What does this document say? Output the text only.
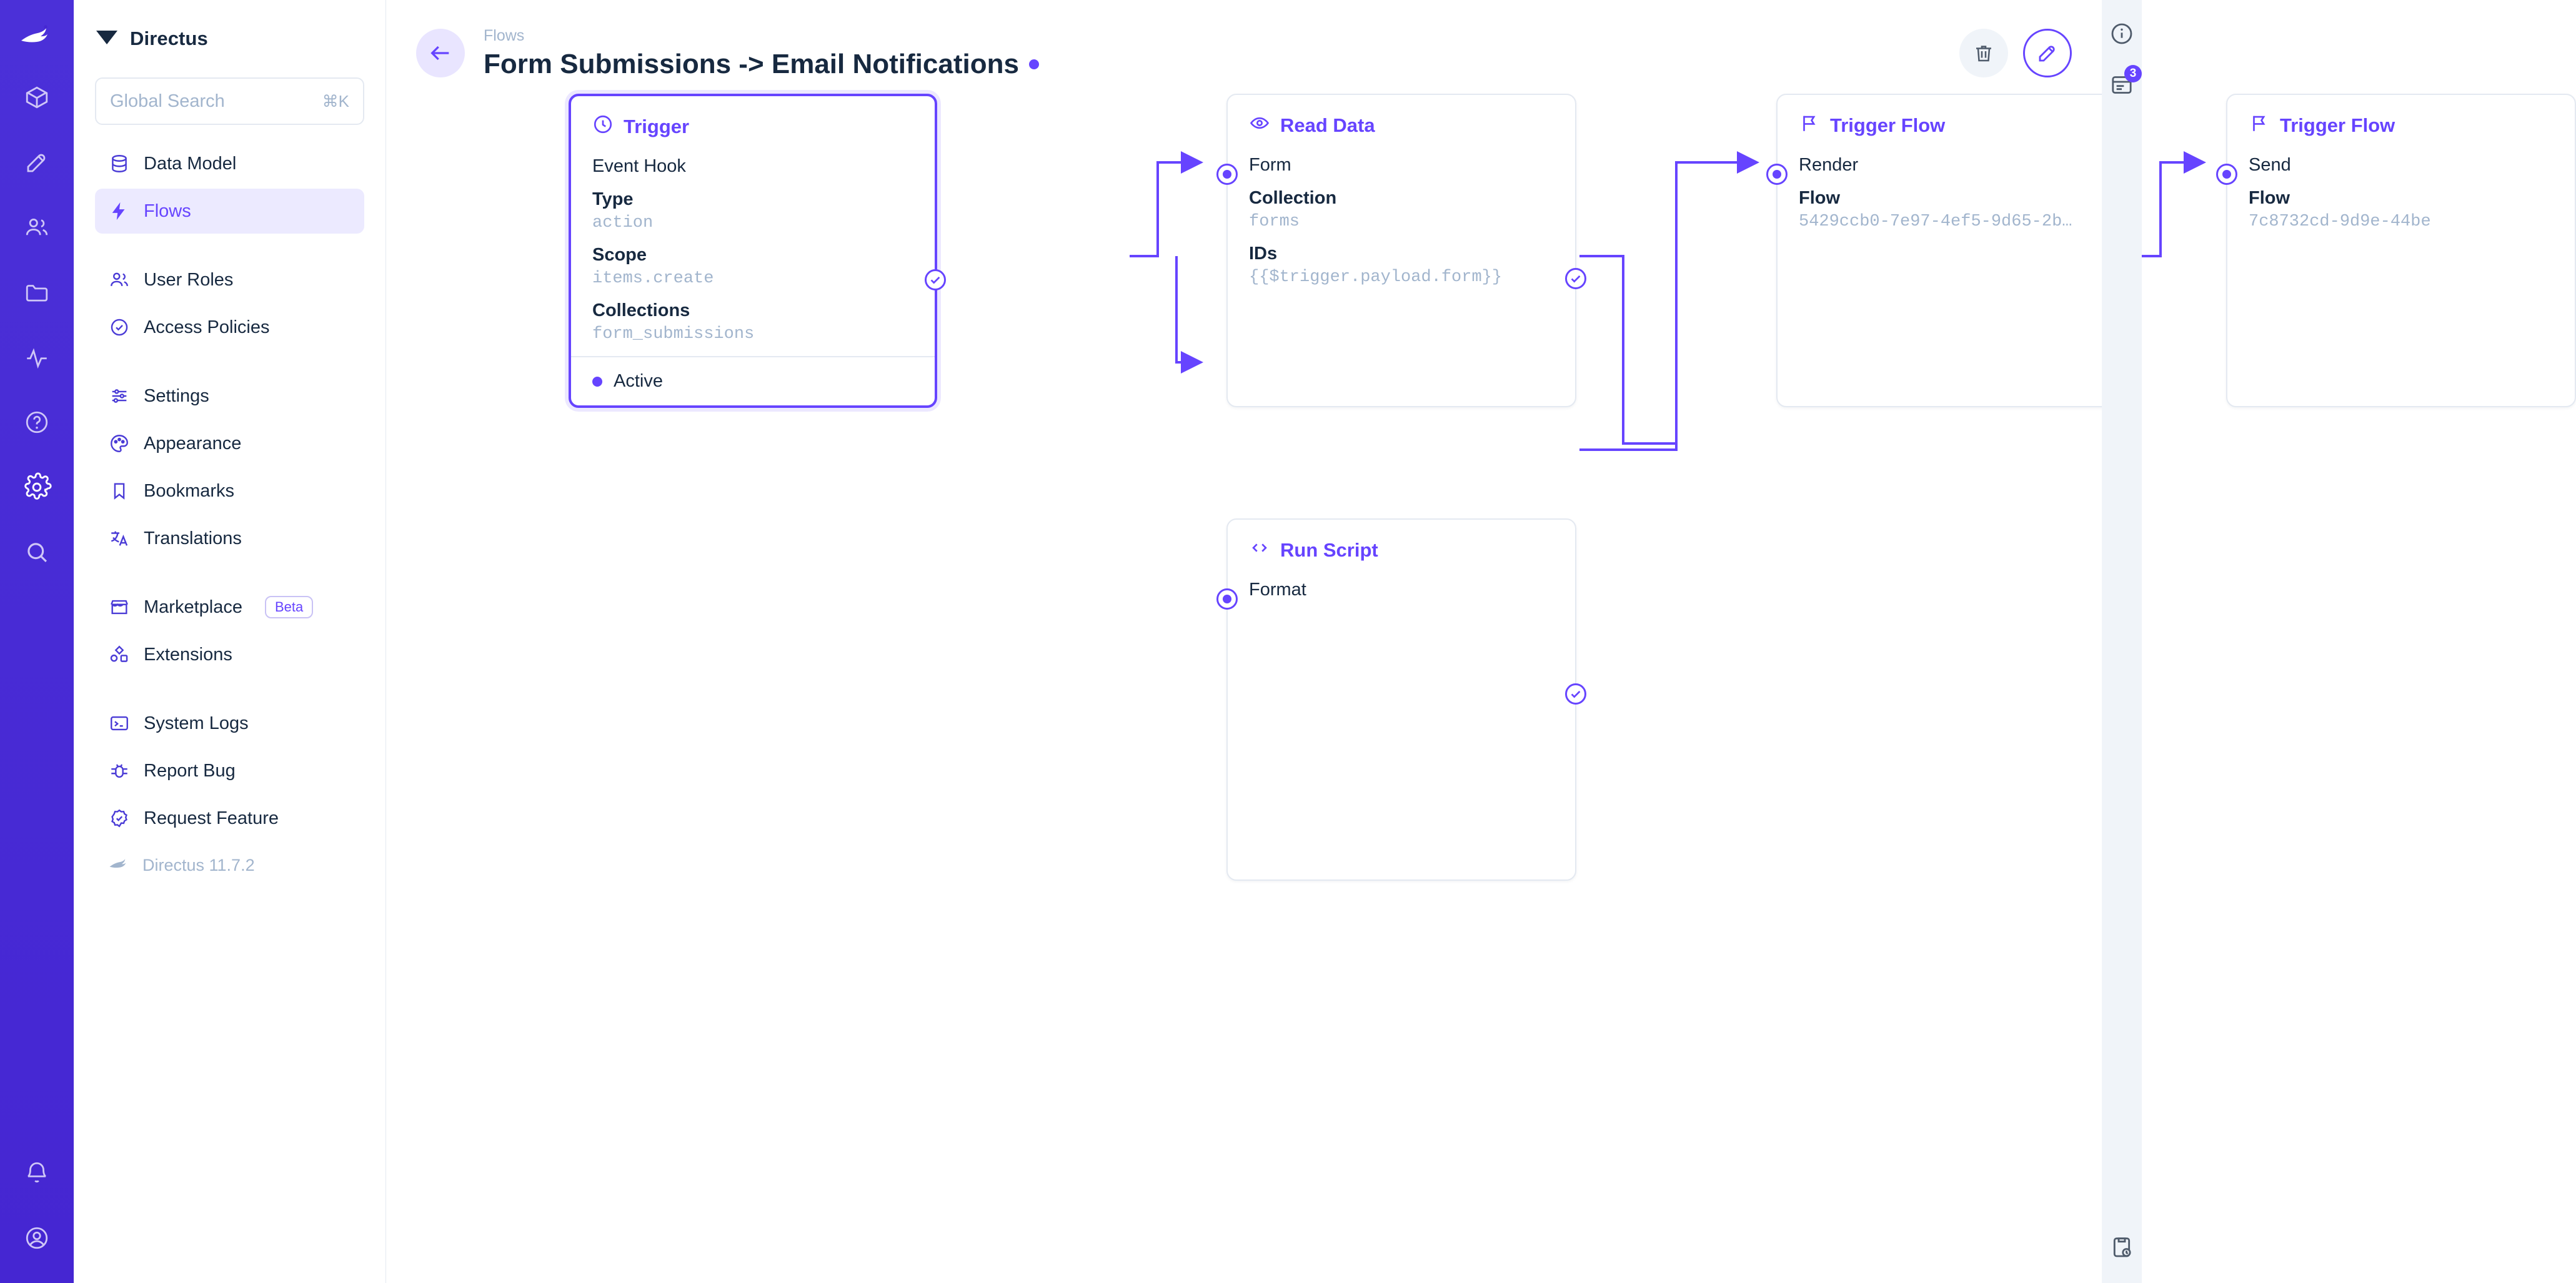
Directus
Global Search	⌘K
Data Model
Flows
User Roles
Access Policies
Settings
Appearance
Bookmarks
Translations
Marketplace	Beta
Extensions
System Logs
Report Bug
Request Feature
Directus 11.7.2
Flows
Form Submissions -> Email Notifications
Trigger
Event Hook
Type
action
Scope
items.create
Collections
form_submissions
Active
Read Data
Form
Collection
forms
IDs
{{$trigger.payload.form}}
Run Script
Format
Trigger Flow
Render
Flow
5429ccb0-7e97-4ef5-9d65-2b…
Trigger Flow
Send
Flow
7c8732cd-9d9e-44be
3
